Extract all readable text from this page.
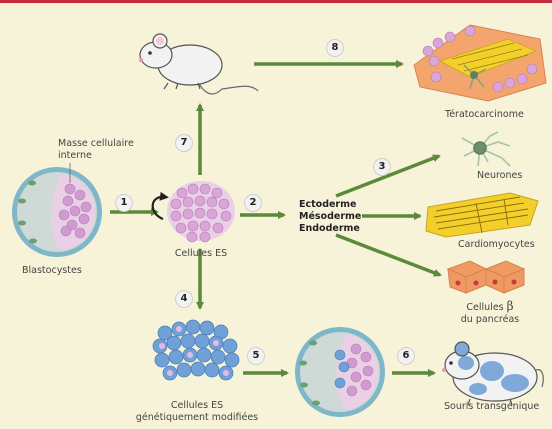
1	2
3
4
5	6
7
8
Masse cellulaire
interne
Blastocystes
Cellules ES
Cellules ES
génétiquement modifiées
Ectoderme
Mésoderme
Endoderme
Tératocarcinome
Neurones
Cardiomyocytes
Cellules β
du pancréas
Souris transgénique
